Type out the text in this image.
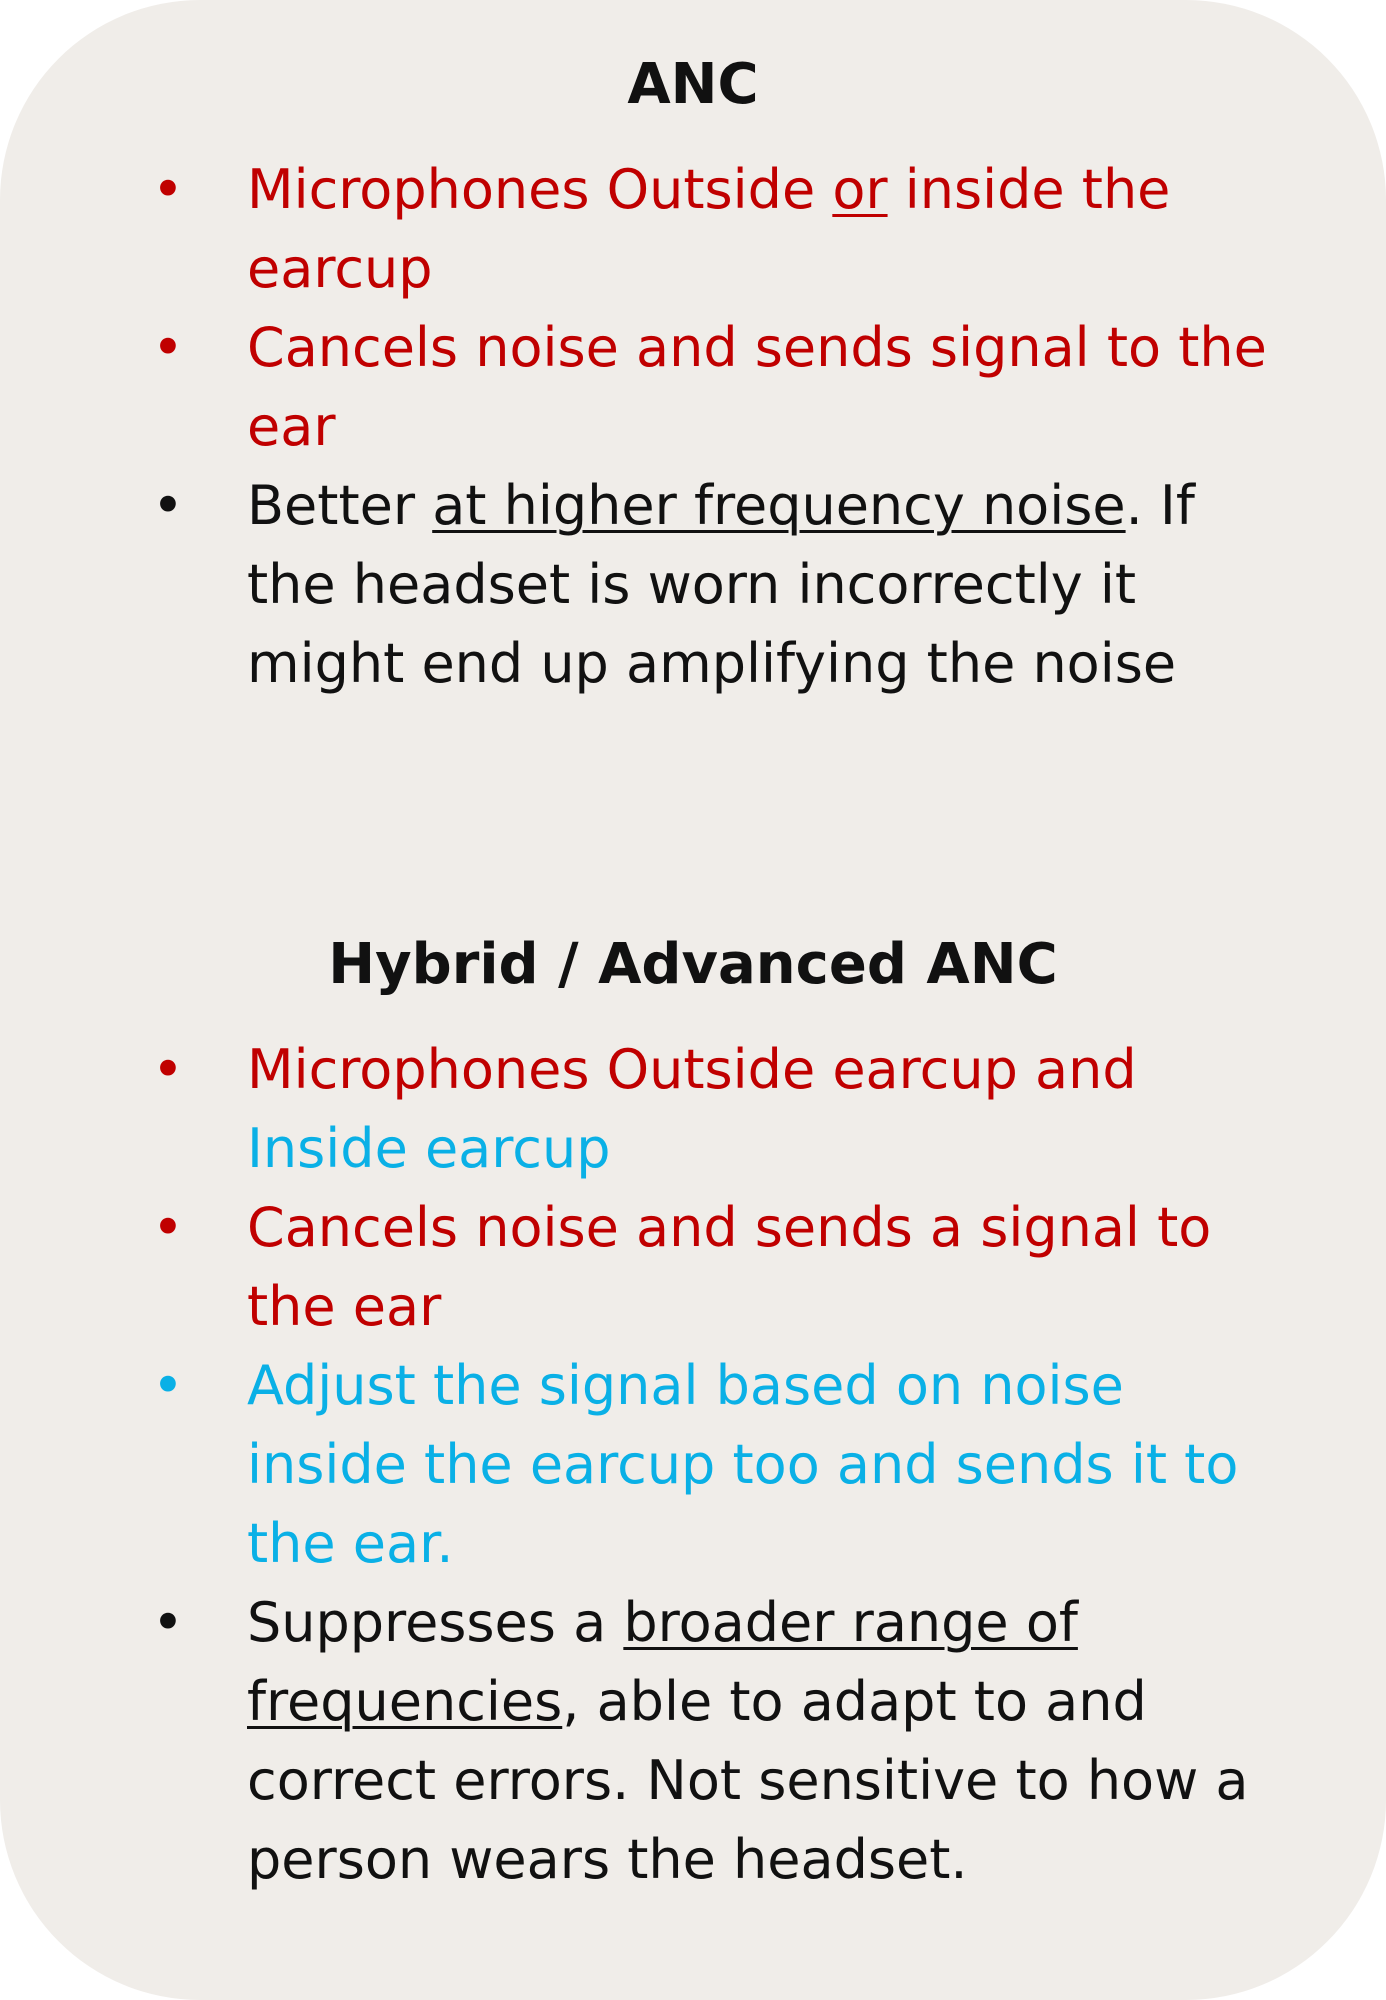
ANC
• Microphones Outside or inside the earcup
• Cancels noise and sends signal to the ear
• Better at higher frequency noise. If the headset is worn incorrectly it might end up amplifying the noise
Hybrid / Advanced ANC
• Microphones Outside earcup and Inside earcup
• Cancels noise and sends a signal to the ear
• Adjust the signal based on noise inside the earcup too and sends it to the ear.
• Suppresses a broader range of frequencies, able to adapt to and correct errors. Not sensitive to how a person wears the headset.
